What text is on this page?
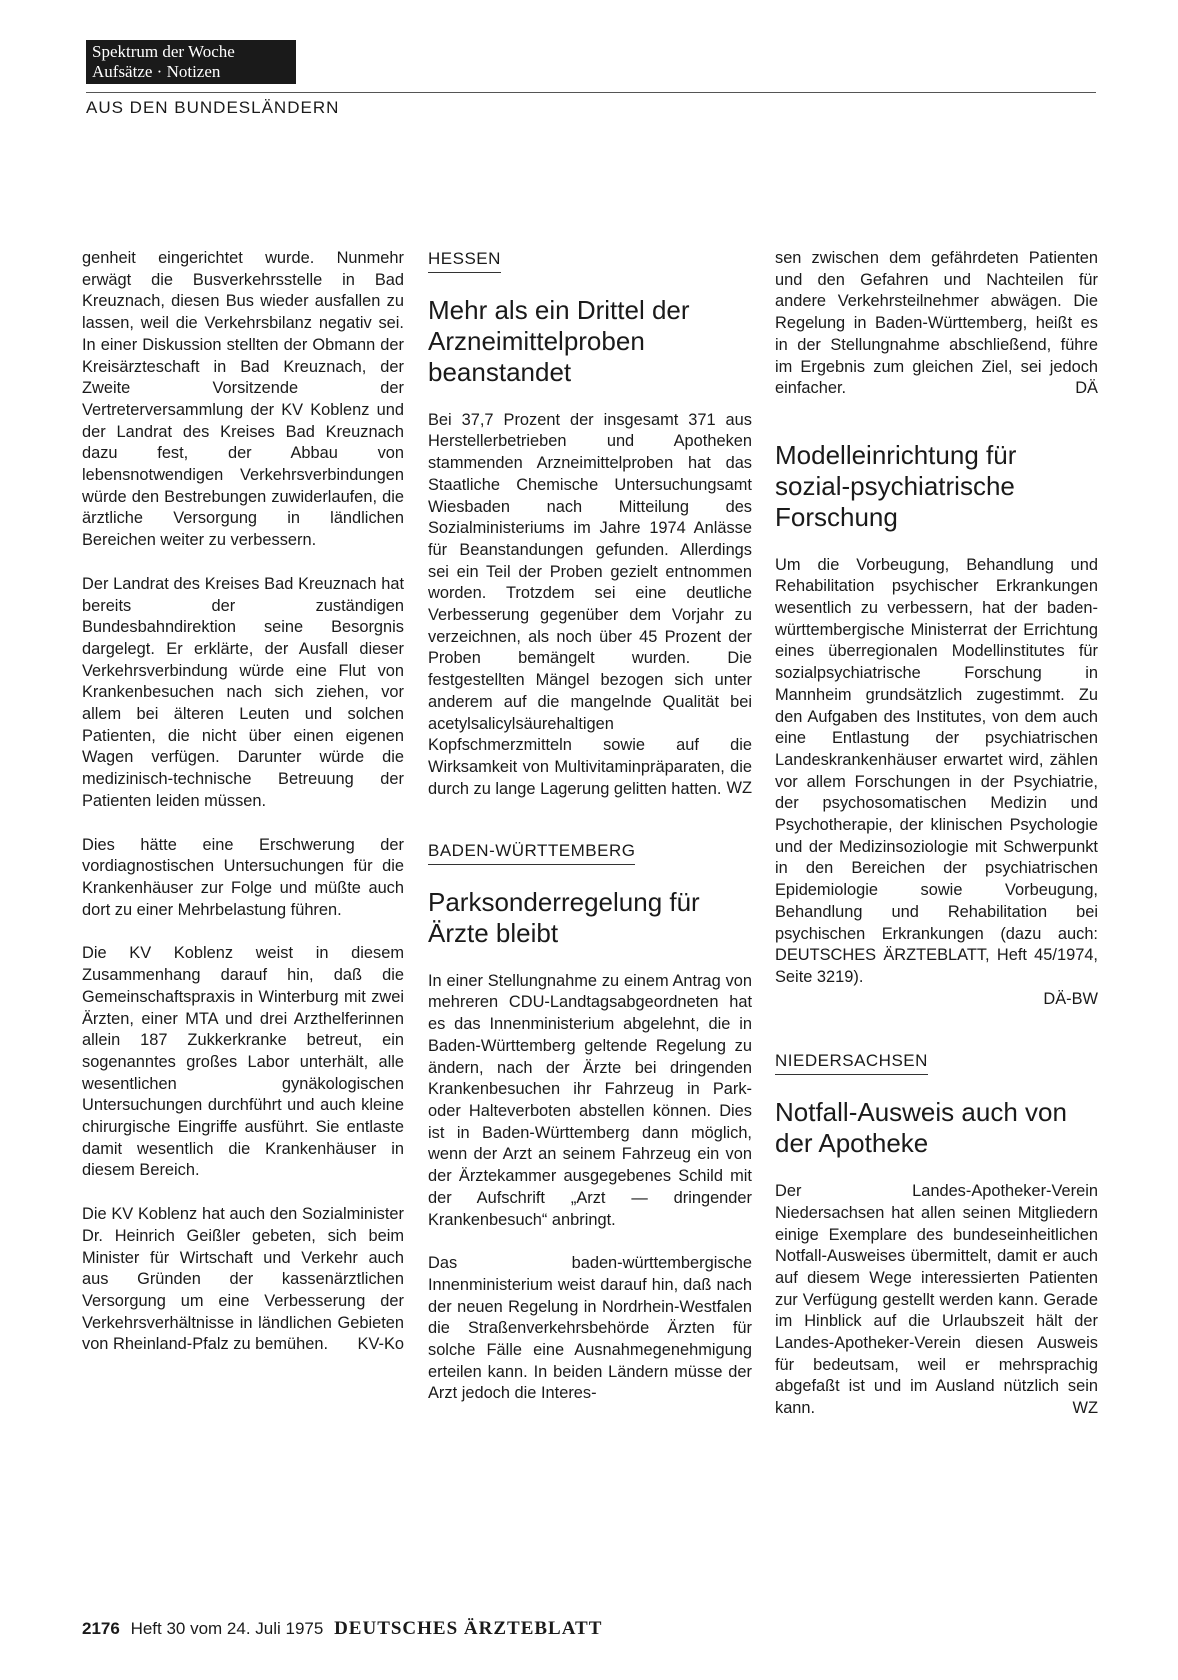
Spektrum der Woche
Aufsätze · Notizen
AUS DEN BUNDESLÄNDERN

genheit eingerichtet wurde. Nunmehr erwägt die Busverkehrsstelle in Bad Kreuznach, diesen Bus wieder ausfallen zu lassen, weil die Verkehrsbilanz negativ sei. In einer Diskussion stellten der Obmann der Kreisärzteschaft in Bad Kreuznach, der Zweite Vorsitzende der Vertreterversammlung der KV Koblenz und der Landrat des Kreises Bad Kreuznach dazu fest, der Abbau von lebensnotwendigen Verkehrsverbindungen würde den Bestrebungen zuwiderlaufen, die ärztliche Versorgung in ländlichen Bereichen weiter zu verbessern.

Der Landrat des Kreises Bad Kreuznach hat bereits der zuständigen Bundesbahndirektion seine Besorgnis dargelegt. Er erklärte, der Ausfall dieser Verkehrsverbindung würde eine Flut von Krankenbesuchen nach sich ziehen, vor allem bei älteren Leuten und solchen Patienten, die nicht über einen eigenen Wagen verfügen. Darunter würde die medizinisch-technische Betreuung der Patienten leiden müssen.

Dies hätte eine Erschwerung der vordiagnostischen Untersuchungen für die Krankenhäuser zur Folge und müßte auch dort zu einer Mehrbelastung führen.

Die KV Koblenz weist in diesem Zusammenhang darauf hin, daß die Gemeinschaftspraxis in Winterburg mit zwei Ärzten, einer MTA und drei Arzthelferinnen allein 187 Zukkerkranke betreut, ein sogenanntes großes Labor unterhält, alle wesentlichen gynäkologischen Untersuchungen durchführt und auch kleine chirurgische Eingriffe ausführt. Sie entlaste damit wesentlich die Krankenhäuser in diesem Bereich.

Die KV Koblenz hat auch den Sozialminister Dr. Heinrich Geißler gebeten, sich beim Minister für Wirtschaft und Verkehr auch aus Gründen der kassenärztlichen Versorgung um eine Verbesserung der Verkehrsverhältnisse in ländlichen Gebieten von Rheinland-Pfalz zu bemühen.	KV-Ko
HESSEN
Mehr als ein Drittel der Arzneimittelproben beanstandet

Bei 37,7 Prozent der insgesamt 371 aus Herstellerbetrieben und Apotheken stammenden Arzneimittelproben hat das Staatliche Chemische Untersuchungsamt Wiesbaden nach Mitteilung des Sozialministeriums im Jahre 1974 Anlässe für Beanstandungen gefunden. Allerdings sei ein Teil der Proben gezielt entnommen worden. Trotzdem sei eine deutliche Verbesserung gegenüber dem Vorjahr zu verzeichnen, als noch über 45 Prozent der Proben bemängelt wurden. Die festgestellten Mängel bezogen sich unter anderem auf die mangelnde Qualität bei acetylsalicylsäurehaltigen Kopfschmerzmitteln sowie auf die Wirksamkeit von Multivitaminpräparaten, die durch zu lange Lagerung gelitten hatten. WZ
BADEN-WÜRTTEMBERG
Parksonderregelung für Ärzte bleibt

In einer Stellungnahme zu einem Antrag von mehreren CDU-Landtagsabgeordneten hat es das Innenministerium abgelehnt, die in Baden-Württemberg geltende Regelung zu ändern, nach der Ärzte bei dringenden Krankenbesuchen ihr Fahrzeug in Park- oder Halteverboten abstellen können. Dies ist in Baden-Württemberg dann möglich, wenn der Arzt an seinem Fahrzeug ein von der Ärztekammer ausgegebenes Schild mit der Aufschrift „Arzt — dringender Krankenbesuch“ anbringt.

Das baden-württembergische Innenministerium weist darauf hin, daß nach der neuen Regelung in Nordrhein-Westfalen die Straßenverkehrsbehörde Ärzten für solche Fälle eine Ausnahmegenehmigung erteilen kann. In beiden Ländern müsse der Arzt jedoch die Interes-

sen zwischen dem gefährdeten Patienten und den Gefahren und Nachteilen für andere Verkehrsteilnehmer abwägen. Die Regelung in Baden-Württemberg, heißt es in der Stellungnahme abschließend, führe im Ergebnis zum gleichen Ziel, sei jedoch einfacher.	DÄ
Modelleinrichtung für sozial-psychiatrische Forschung

Um die Vorbeugung, Behandlung und Rehabilitation psychischer Erkrankungen wesentlich zu verbessern, hat der baden-württembergische Ministerrat der Errichtung eines überregionalen Modellinstitutes für sozialpsychiatrische Forschung in Mannheim grundsätzlich zugestimmt. Zu den Aufgaben des Institutes, von dem auch eine Entlastung der psychiatrischen Landeskrankenhäuser erwartet wird, zählen vor allem Forschungen in der Psychiatrie, der psychosomatischen Medizin und Psychotherapie, der klinischen Psychologie und der Medizinsoziologie mit Schwerpunkt in den Bereichen der psychiatrischen Epidemiologie sowie Vorbeugung, Behandlung und Rehabilitation bei psychischen Erkrankungen (dazu auch: DEUTSCHES ÄRZTEBLATT, Heft 45/1974, Seite 3219).

DÄ-BW
NIEDERSACHSEN
Notfall-Ausweis auch von der Apotheke

Der Landes-Apotheker-Verein Niedersachsen hat allen seinen Mitgliedern einige Exemplare des bundeseinheitlichen Notfall-Ausweises übermittelt, damit er auch auf diesem Wege interessierten Patienten zur Verfügung gestellt werden kann. Gerade im Hinblick auf die Urlaubszeit hält der Landes-Apotheker-Verein diesen Ausweis für bedeutsam, weil er mehrsprachig abgefaßt ist und im Ausland nützlich sein kann.	WZ
2176 Heft 30 vom 24. Juli 1975 DEUTSCHES ÄRZTEBLATT
